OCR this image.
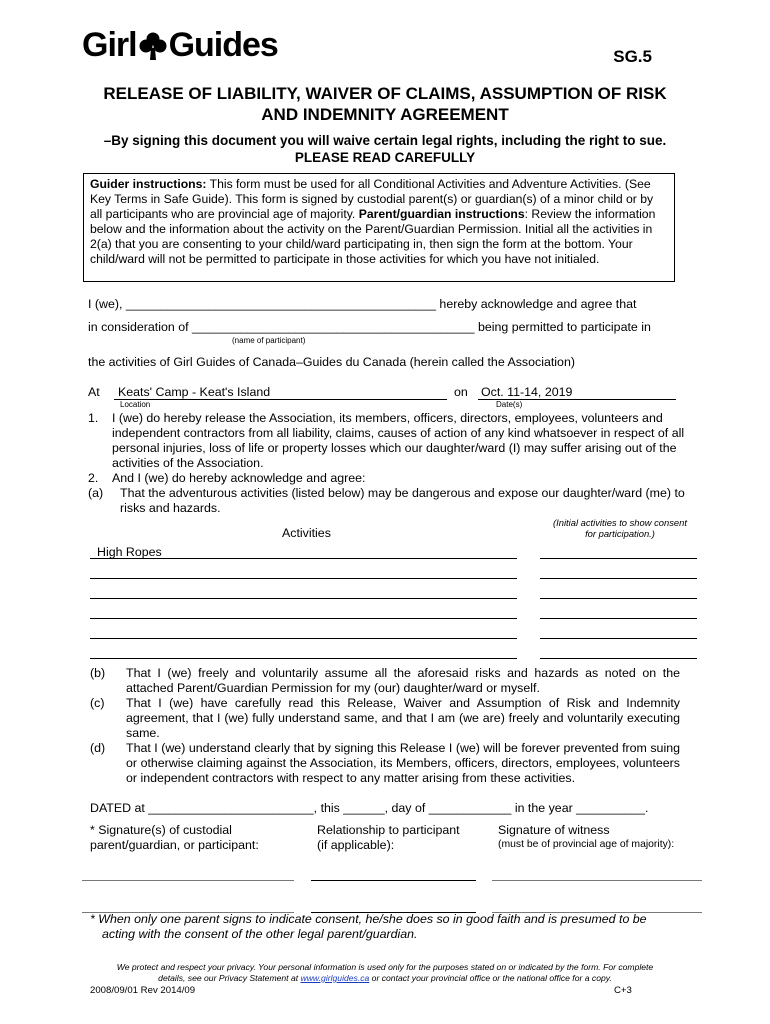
Girl Guides	SG.5
RELEASE OF LIABILITY, WAIVER OF CLAIMS, ASSUMPTION OF RISK
AND INDEMNITY AGREEMENT
–By signing this document you will waive certain legal rights, including the right to sue.
PLEASE READ CAREFULLY
Guider instructions: This form must be used for all Conditional Activities and Adventure Activities. (See Key Terms in Safe Guide). This form is signed by custodial parent(s) or guardian(s) of a minor child or by all participants who are provincial age of majority. Parent/guardian instructions: Review the information below and the information about the activity on the Parent/Guardian Permission. Initial all the activities in 2(a) that you are consenting to your child/ward participating in, then sign the form at the bottom. Your child/ward will not be permitted to participate in those activities for which you have not initialed.
I (we), _____________________________________________ hereby acknowledge and agree that
in consideration of _________________________________________ being permitted to participate in
(name of participant)
the activities of Girl Guides of Canada–Guides du Canada (herein called the Association)
At Keats' Camp - Keat's Island
Location
on Oct. 11-14, 2019
Date(s)
1.	I (we) do hereby release the Association, its members, officers, directors, employees, volunteers and independent contractors from all liability, claims, causes of action of any kind whatsoever in respect of all personal injuries, loss of life or property losses which our daughter/ward (I) may suffer arising out of the activities of the Association.
2.	And I (we) do hereby acknowledge and agree:
(a)	That the adventurous activities (listed below) may be dangerous and expose our daughter/ward (me) to risks and hazards.
Activities
(Initial activities to show consent
for participation.)
High Ropes
(b)	That I (we) freely and voluntarily assume all the aforesaid risks and hazards as noted on the attached Parent/Guardian Permission for my (our) daughter/ward or myself.
(c)	That I (we) have carefully read this Release, Waiver and Assumption of Risk and Indemnity agreement, that I (we) fully understand same, and that I am (we are) freely and voluntarily executing same.
(d)	That I (we) understand clearly that by signing this Release I (we) will be forever prevented from suing or otherwise claiming against the Association, its Members, officers, directors, employees, volunteers or independent contractors with respect to any matter arising from these activities.
DATED at ________________________, this ______, day of ____________ in the year __________.
* Signature(s) of custodial
parent/guardian, or participant:
Relationship to participant
(if applicable):
Signature of witness
(must be of provincial age of majority):
* When only one parent signs to indicate consent, he/she does so in good faith and is presumed to be
acting with the consent of the other legal parent/guardian.
We protect and respect your privacy. Your personal information is used only for the purposes stated on or indicated by the form. For complete
details, see our Privacy Statement at www.girlguides.ca or contact your provincial office or the national office for a copy.
2008/09/01 Rev 2014/09	C+3
